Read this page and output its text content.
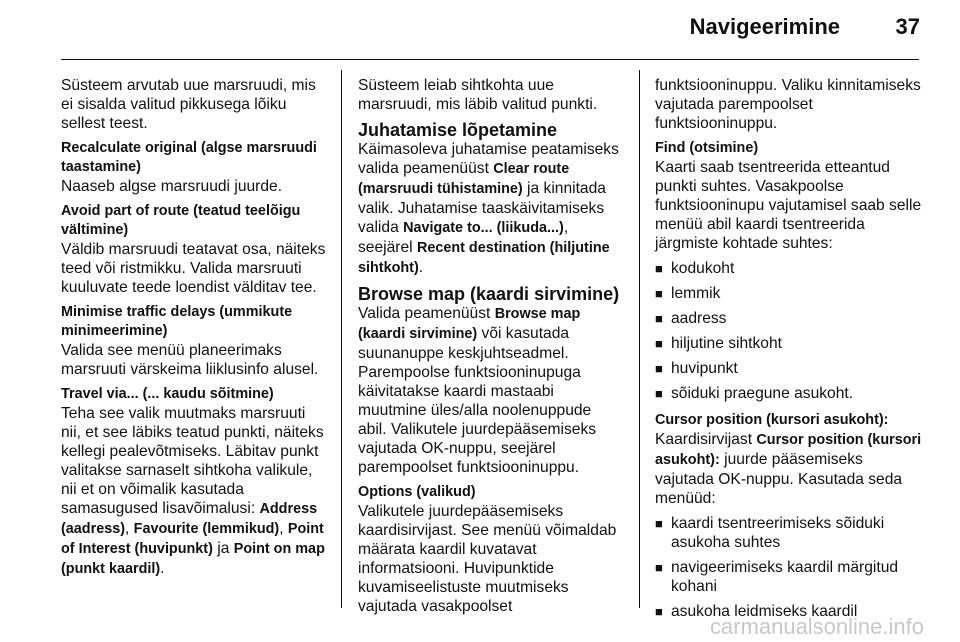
Navigeerimine	37

Süsteem arvutab uue marsruudi, mis ei sisalda valitud pikkusega lõiku sellest teest.

Recalculate original (algse marsruudi taastamine)

Naaseb algse marsruudi juurde.

Avoid part of route (teatud teelõigu vältimine)

Väldib marsruudi teatavat osa, näiteks teed või ristmikku. Valida marsruuti kuuluvate teede loendist välditav tee.

Minimise traffic delays (ummikute minimeerimine)

Valida see menüü planeerimaks marsruuti värskeima liiklusinfo alusel.

Travel via... (... kaudu sõitmine)

Teha see valik muutmaks marsruuti nii, et see läbiks teatud punkti, näiteks kellegi pealevõtmiseks. Läbitav punkt valitakse sarnaselt sihtkoha valikule, nii et on võimalik kasutada samasugused lisavõimalusi: Address (aadress), Favourite (lemmikud), Point of Interest (huvipunkt) ja Point on map (punkt kaardil).

Süsteem leiab sihtkohta uue marsruudi, mis läbib valitud punkti.

Juhatamise lõpetamine

Käimasoleva juhatamise peatamiseks valida peamenüüst Clear route (marsruudi tühistamine) ja kinnitada valik. Juhatamise taaskäivitamiseks valida Navigate to... (liikuda...), seejärel Recent destination (hiljutine sihtkoht).

Browse map (kaardi sirvimine)

Valida peamenüüst Browse map (kaardi sirvimine) või kasutada suunanuppe keskjuhtseadmel. Parempoolse funktsiooninupuga käivitatakse kaardi mastaabi muutmine üles/alla noolenuppude abil. Valikutele juurdepääsemiseks vajutada OK-nuppu, seejärel parempoolset funktsiooninuppu.

Options (valikud)

Valikutele juurdepääsemiseks kaardisirvijast. See menüü võimaldab määrata kaardil kuvatavat informatsiooni. Huvipunktide kuvamiseelistuste muutmiseks vajutada vasakpoolset

funktsiooninuppu. Valiku kinnitamiseks vajutada parempoolset funktsiooninuppu.

Find (otsimine)

Kaarti saab tsentreerida etteantud punkti suhtes. Vasakpoolse funktsiooninupu vajutamisel saab selle menüü abil kaardi tsentreerida järgmiste kohtade suhtes:

■ kodukoht
■ lemmik
■ aadress
■ hiljutine sihtkoht
■ huvipunkt
■ sõiduki praegune asukoht.
Cursor position (kursori asukoht):

Kaardisirvijast Cursor position (kursori asukoht): juurde pääsemiseks vajutada OK-nuppu. Kasutada seda menüüd:

■ kaardi tsentreerimiseks sõiduki asukoha suhtes
■ navigeerimiseks kaardil märgitud kohani
■ asukoha leidmiseks kaardil
carmanualsonline.info
